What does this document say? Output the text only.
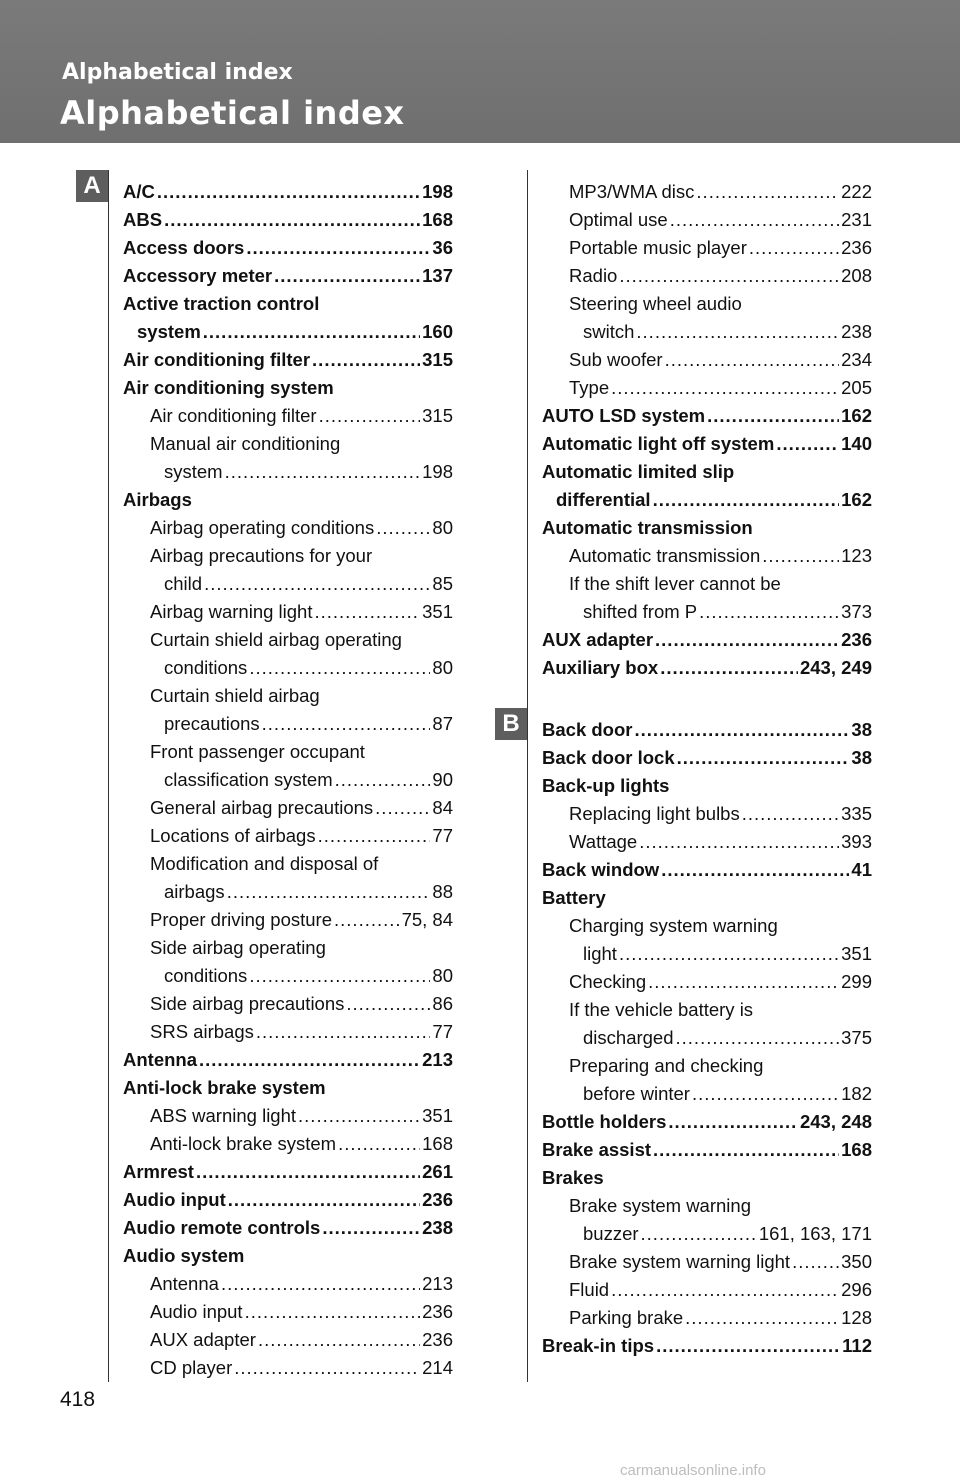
Alphabetical index
Alphabetical index
A
B
A/C .....	198
ABS .....	168
Access doors .....	36
Accessory meter .....	137
Active traction control
system .....	160
Air conditioning filter .....	315
Air conditioning system
Air conditioning filter .....	315
Manual air conditioning
system .....	198
Airbags
Airbag operating conditions .....	80
Airbag precautions for your
child .....	85
Airbag warning light .....	351
Curtain shield airbag operating
conditions .....	80
Curtain shield airbag
precautions .....	87
Front passenger occupant
classification system .....	90
General airbag precautions .....	84
Locations of airbags .....	77
Modification and disposal of
airbags .....	88
Proper driving posture .....	75, 84
Side airbag operating
conditions .....	80
Side airbag precautions .....	86
SRS airbags .....	77
Antenna .....	213
Anti-lock brake system
ABS warning light .....	351
Anti-lock brake system .....	168
Armrest .....	261
Audio input .....	236
Audio remote controls .....	238
Audio system
Antenna .....	213
Audio input .....	236
AUX adapter .....	236
CD player .....	214
MP3/WMA disc .....	222
Optimal use .....	231
Portable music player .....	236
Radio .....	208
Steering wheel audio
switch .....	238
Sub woofer .....	234
Type .....	205
AUTO LSD system .....	162
Automatic light off system .....	140
Automatic limited slip
differential .....	162
Automatic transmission
Automatic transmission .....	123
If the shift lever cannot be
shifted from P .....	373
AUX adapter .....	236
Auxiliary box .....	243, 249
Back door .....	38
Back door lock .....	38
Back-up lights
Replacing light bulbs .....	335
Wattage .....	393
Back window .....	41
Battery
Charging system warning
light .....	351
Checking .....	299
If the vehicle battery is
discharged .....	375
Preparing and checking
before winter .....	182
Bottle holders .....	243, 248
Brake assist .....	168
Brakes
Brake system warning
buzzer .....	161, 163, 171
Brake system warning light .....	350
Fluid .....	296
Parking brake .....	128
Break-in tips .....	112
418
carmanualsonline.info
